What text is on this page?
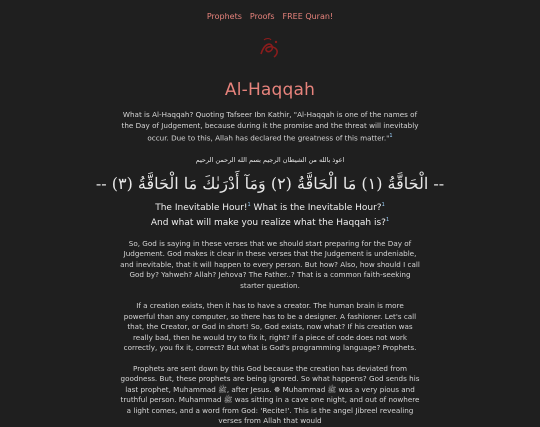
Prophets Proofs FREE Quran!
Al-Haqqah
What is Al-Haqqah? Quoting Tafseer Ibn Kathir, "Al-Haqqah is one of the names of the Day of Judgement, because during it the promise and the threat will inevitably occur. Due to this, Allah has declared the greatness of this matter."$^1$
اعوذ بالله من الشيطان الرجيم بسم الله الرحمن الرحيم
-- الْحَاقَّةُ (١) مَا الْحَاقَّةُ (٢) وَمَآ أَدْرَىٰكَ مَا الْحَاقَّةُ (٣) --
The Inevitable Hour!$^1$ What is the Inevitable Hour?$^1$
And what will make you realize what the Haqqah is?$^1$
So, God is saying in these verses that we should start preparing for the Day of Judgement. God makes it clear in these verses that the Judgement is undeniable, and inevitable, that it will happen to every person. But how? Also, how should I call God by? Yahweh? Allah? Jehova? The Father..? That is a common faith-seeking starter question.
If a creation exists, then it has to have a creator. The human brain is more powerful than any computer, so there has to be a designer. A fashioner. Let's call that, the Creator, or God in short! So, God exists, now what? If his creation was really bad, then he would try to fix it, right? If a piece of code does not work correctly, you fix it, correct? But what is God's programming language? Prophets.
Prophets are sent down by this God because the creation has deviated from goodness. But, these prophets are being ignored. So what happens? God sends his last prophet, Muhammad ﷺ, after Jesus. ☸ Muhammad ﷺ was a very pious and truthful person. Muhammad ﷺ was sitting in a cave one night, and out of nowhere a light comes, and a word from God: 'Recite!'. This is the angel Jibreel revealing verses from Allah that would
